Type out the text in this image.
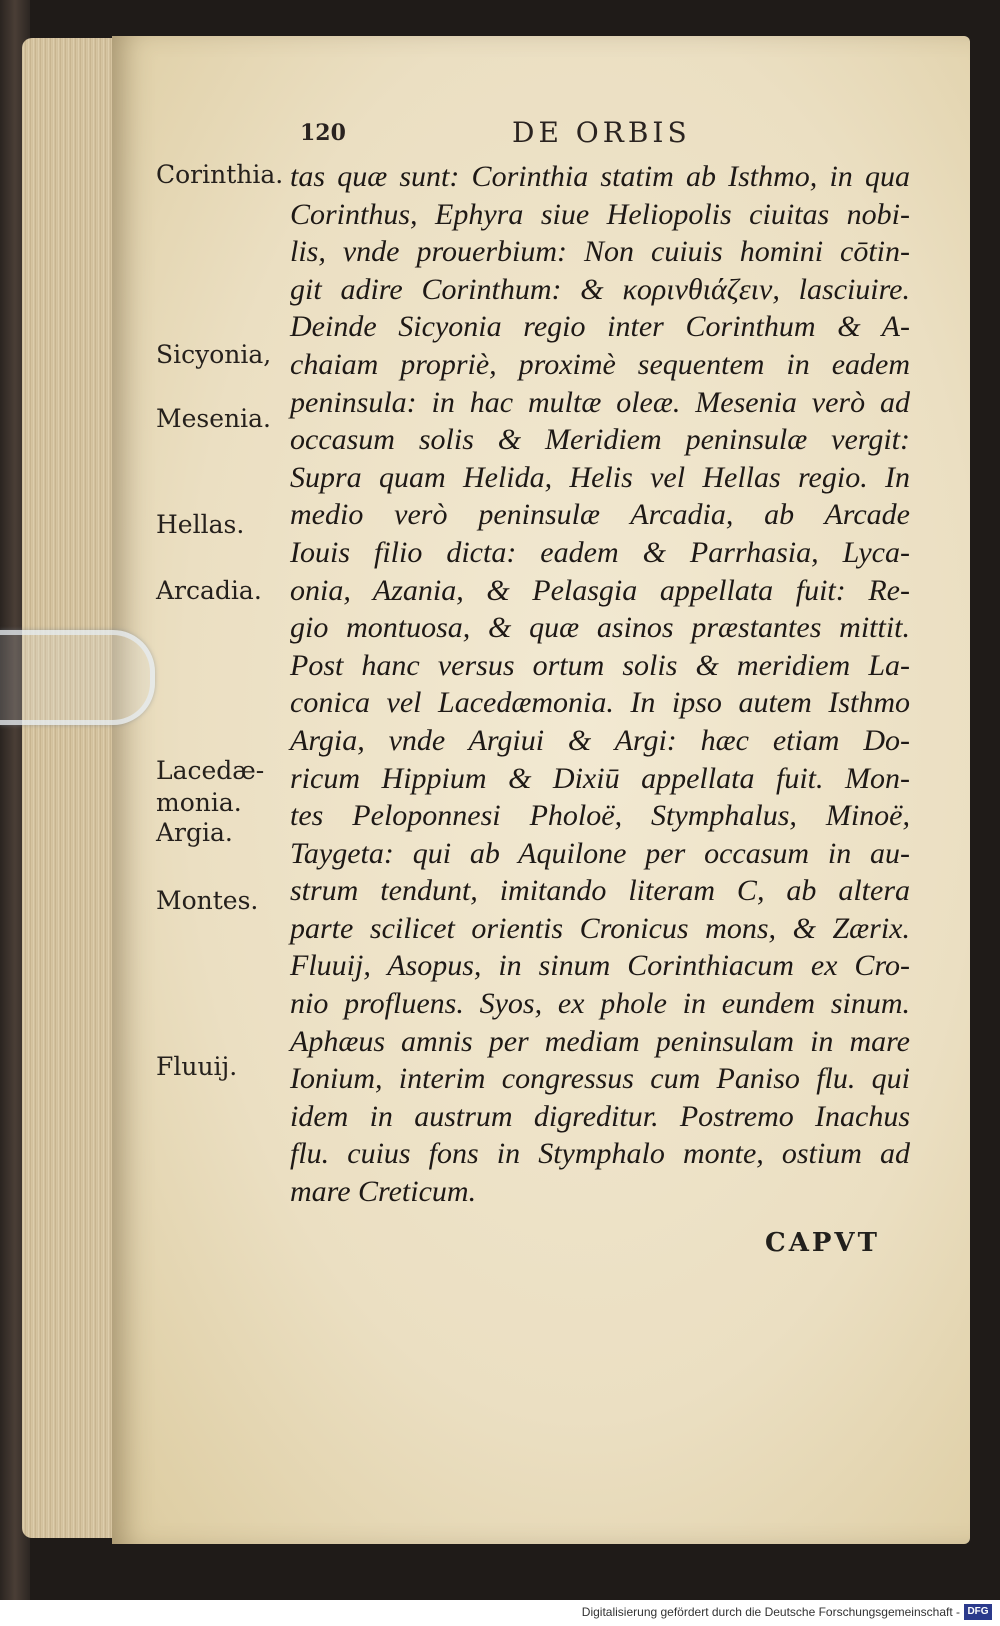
120	DE ORBIS
Corinthia.
Sicyonia,
Mesenia.
Hellas.
Arcadia.
Lacedæ-
monia.
Argia.
Montes.
Fluuij.
tas quæ sunt: Corinthia statim ab Isthmo, in qua
Corinthus, Ephyra siue Heliopolis ciuitas nobi-
lis, vnde prouerbium: Non cuiuis homini cōtin-
git adire Corinthum: & κορινθιάζειν, lasciuire.
Deinde Sicyonia regio inter Corinthum & A-
chaiam propriè, proximè sequentem in eadem
peninsula: in hac multæ oleæ. Mesenia verò ad
occasum solis & Meridiem peninsulæ vergit:
Supra quam Helida, Helis vel Hellas regio. In
medio verò peninsulæ Arcadia, ab Arcade
Iouis filio dicta: eadem & Parrhasia, Lyca-
onia, Azania, & Pelasgia appellata fuit: Re-
gio montuosa, & quæ asinos præstantes mittit.
Post hanc versus ortum solis & meridiem La-
conica vel Lacedæmonia. In ipso autem Isthmo
Argia, vnde Argiui & Argi: hæc etiam Do-
ricum Hippium & Dixiū appellata fuit. Mon-
tes Peloponnesi Pholoë, Stymphalus, Minoë,
Taygeta: qui ab Aquilone per occasum in au-
strum tendunt, imitando literam C, ab altera
parte scilicet orientis Cronicus mons, & Zærix.
Fluuij, Asopus, in sinum Corinthiacum ex Cro-
nio profluens. Syos, ex phole in eundem sinum.
Aphæus amnis per mediam peninsulam in mare
Ionium, interim congressus cum Paniso flu. qui
idem in austrum digreditur. Postremo Inachus
flu. cuius fons in Stymphalo monte, ostium ad
mare Creticum.
CAPVT
Digitalisierung gefördert durch die Deutsche Forschungsgemeinschaft - DFG
